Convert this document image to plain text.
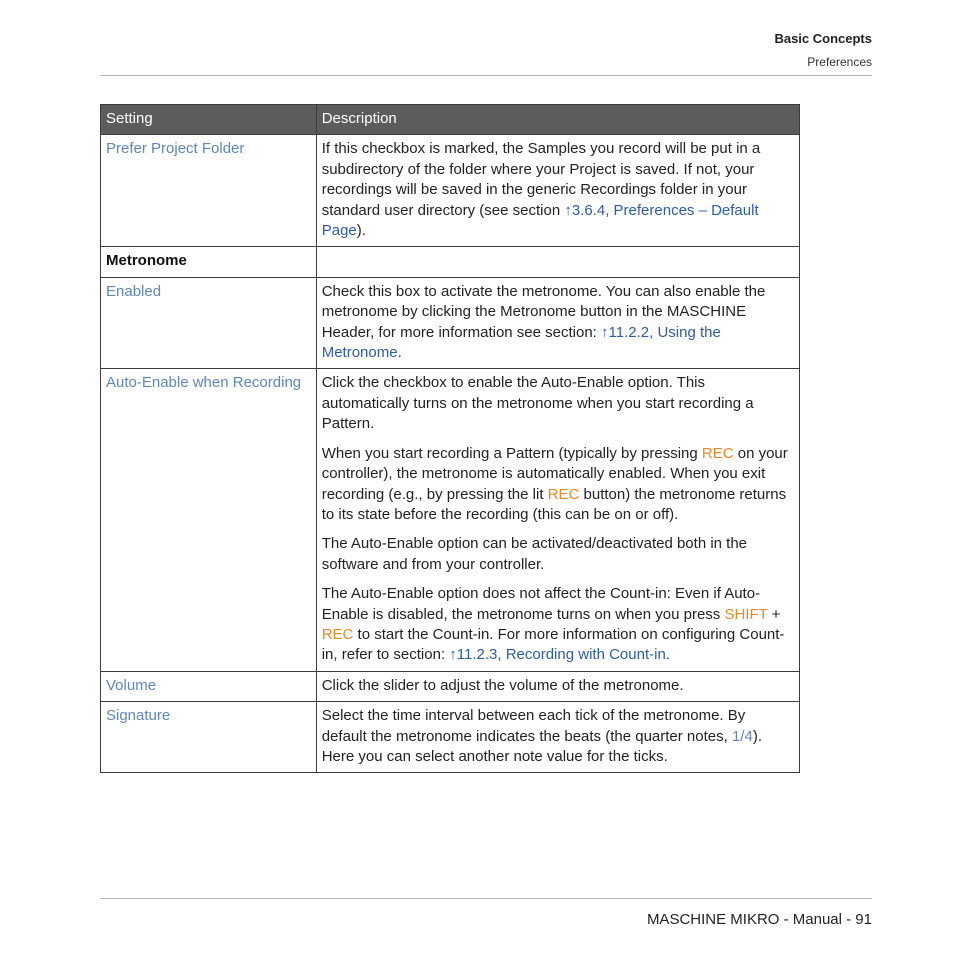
Basic Concepts
Preferences
Setting	Description
Prefer Project Folder	If this checkbox is marked, the Samples you record will be put in a subdirectory of the folder where your Project is saved. If not, your recordings will be saved in the generic Recordings folder in your standard user directory (see section ↑3.6.4, Preferences – Default Page).
Metronome	
Enabled	Check this box to activate the metronome. You can also enable the metronome by clicking the Metronome button in the MASCHINE Header, for more information see section: ↑11.2.2, Using the Metronome.
Auto-Enable when Recording	Click the checkbox to enable the Auto-Enable option. This automatically turns on the metronome when you start recording a Pattern.

When you start recording a Pattern (typically by pressing REC on your controller), the metronome is automatically enabled. When you exit recording (e.g., by pressing the lit REC button) the metronome returns to its state before the recording (this can be on or off).

The Auto-Enable option can be activated/deactivated both in the software and from your controller.

The Auto-Enable option does not affect the Count-in: Even if Auto-Enable is disabled, the metronome turns on when you press SHIFT + REC to start the Count-in. For more information on configuring Count-in, refer to section: ↑11.2.3, Recording with Count-in.

Volume	Click the slider to adjust the volume of the metronome.
Signature	Select the time interval between each tick of the metronome. By default the metronome indicates the beats (the quarter notes, 1/4). Here you can select another note value for the ticks.
MASCHINE MIKRO - Manual - 91
